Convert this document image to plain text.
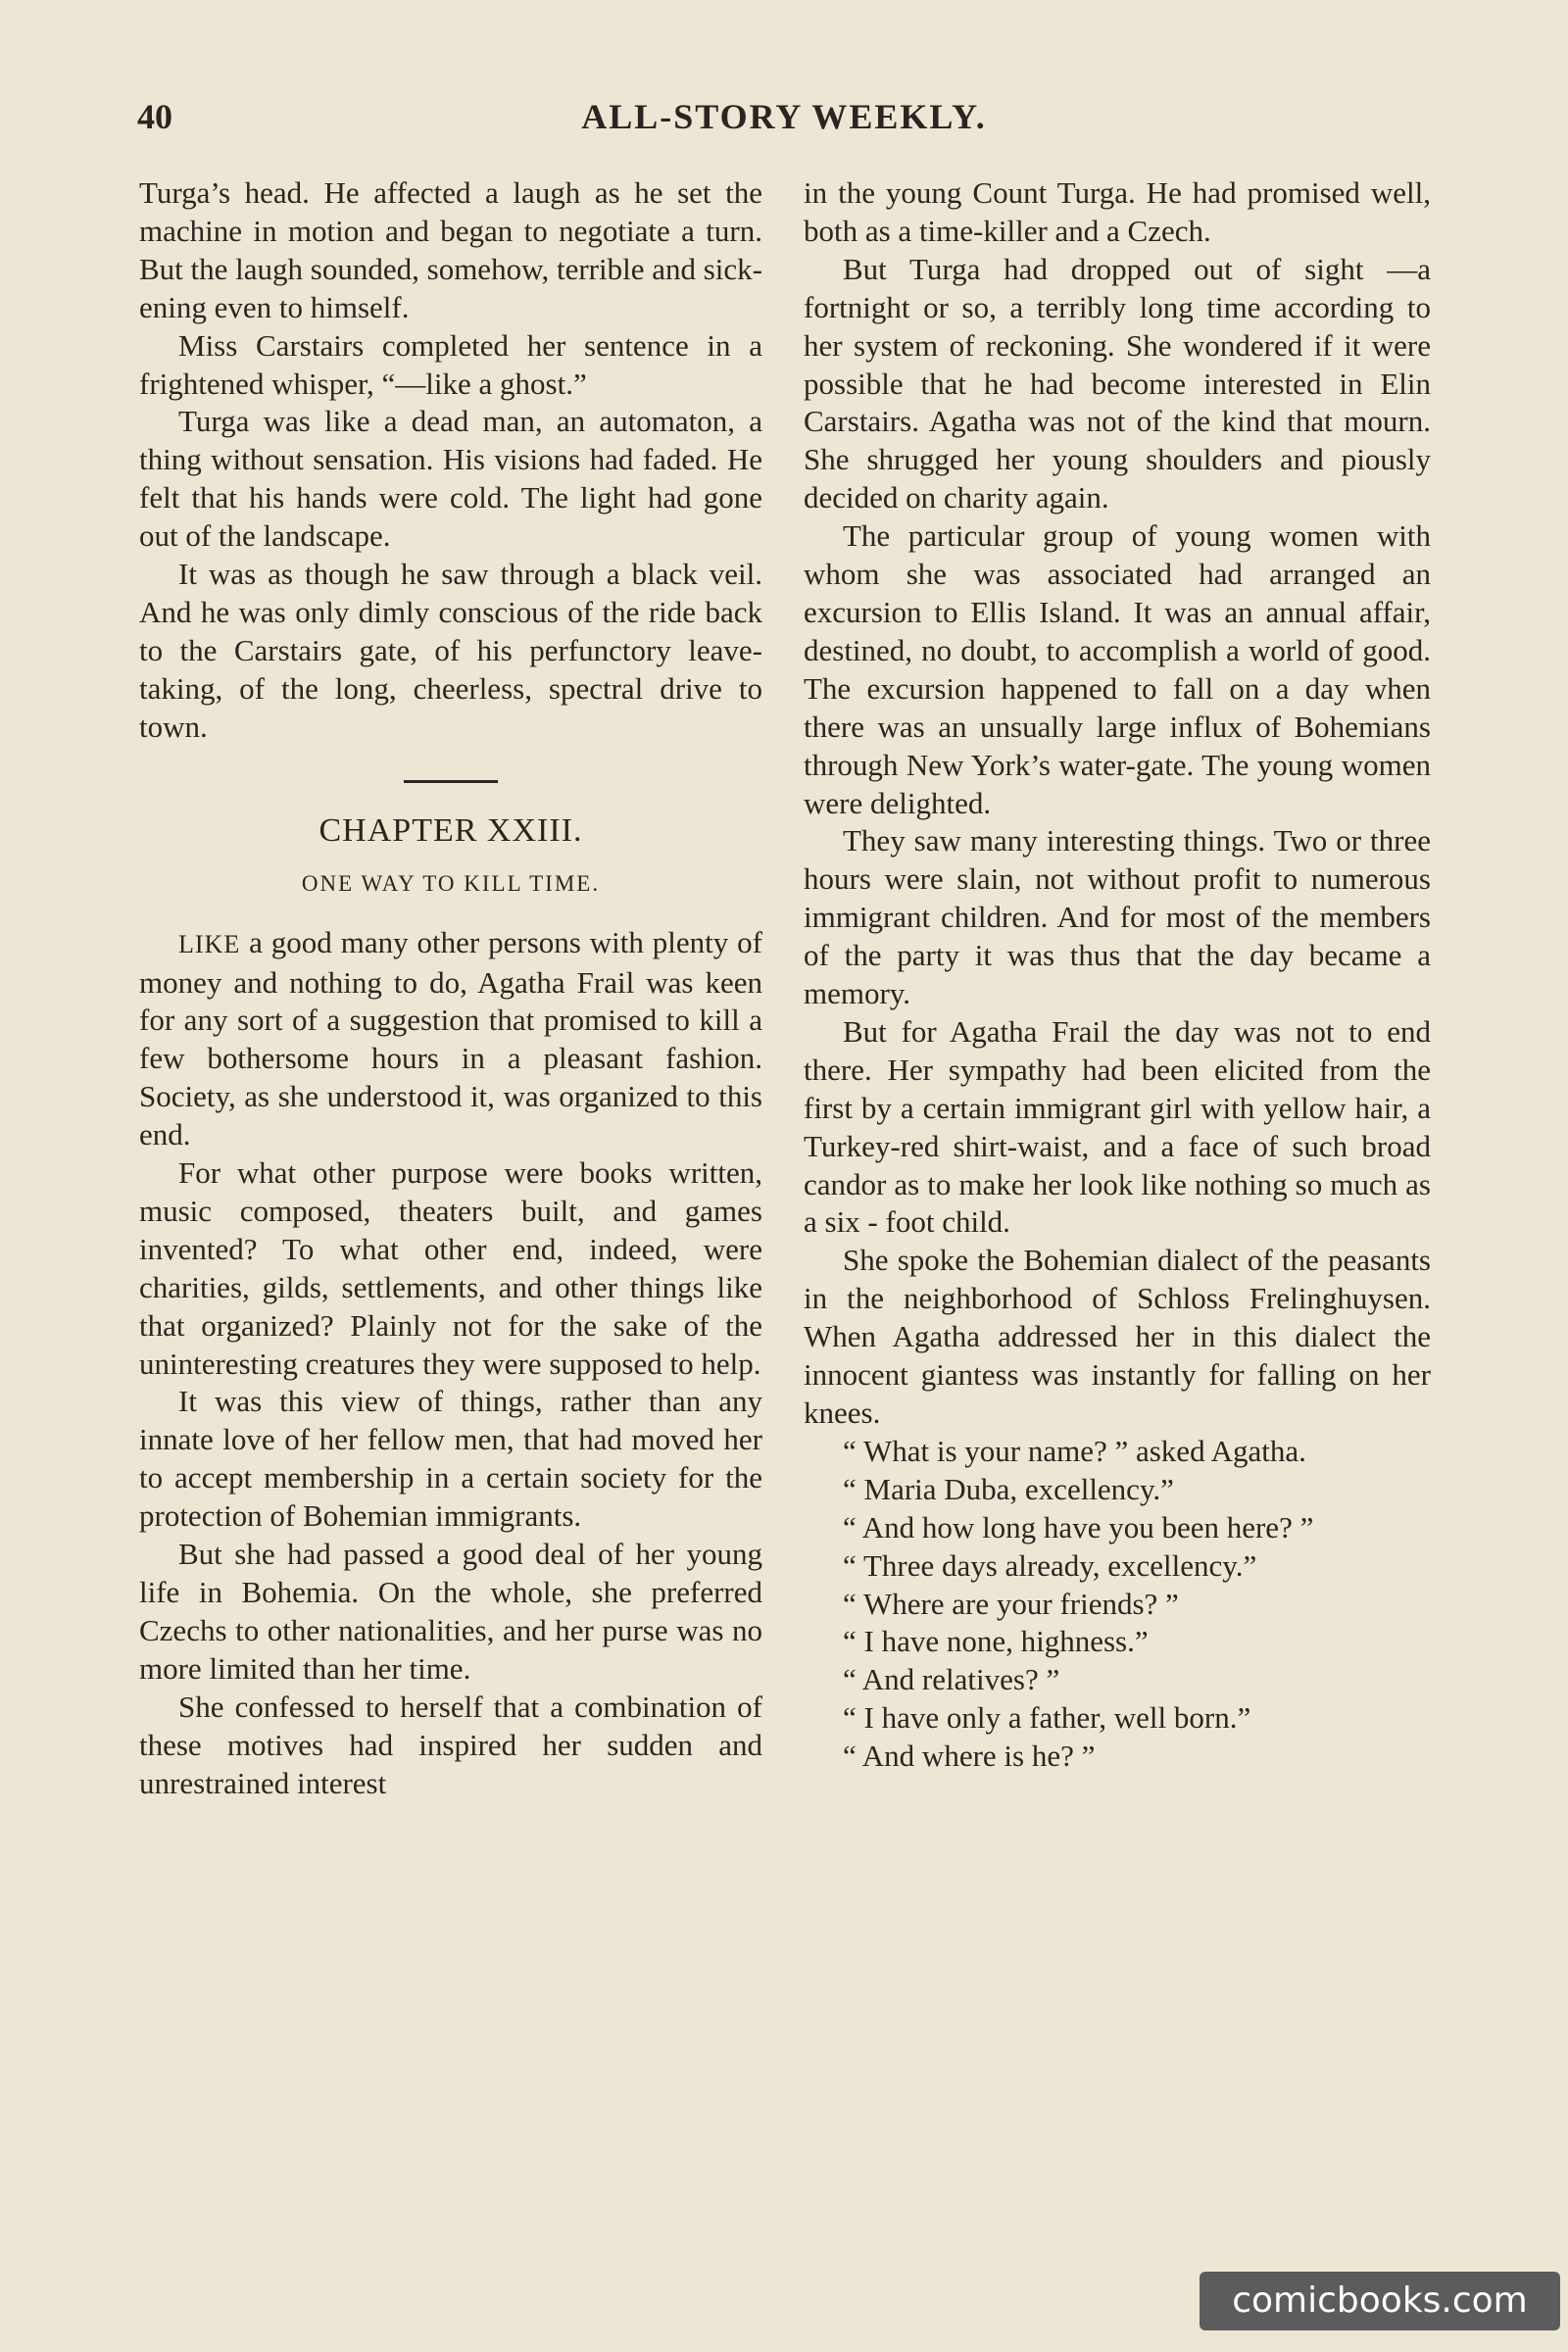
40	ALL-STORY WEEKLY.

Turga’s head. He affected a laugh as he set the machine in motion and began to negotiate a turn. But the laugh sounded, somehow, terrible and sickening even to himself.

Miss Carstairs completed her sentence in a frightened whisper, “—like a ghost.”

Turga was like a dead man, an automaton, a thing without sensation. His visions had faded. He felt that his hands were cold. The light had gone out of the landscape.

It was as though he saw through a black veil. And he was only dimly conscious of the ride back to the Carstairs gate, of his perfunctory leavetaking, of the long, cheerless, spectral drive to town.

CHAPTER XXIII.
ONE WAY TO KILL TIME.

LIKE a good many other persons with plenty of money and nothing to do, Agatha Frail was keen for any sort of a suggestion that promised to kill a few bothersome hours in a pleasant fashion. Society, as she understood it, was organized to this end.

For what other purpose were books written, music composed, theaters built, and games invented? To what other end, indeed, were charities, gilds, settlements, and other things like that organized? Plainly not for the sake of the uninteresting creatures they were supposed to help.

It was this view of things, rather than any innate love of her fellow men, that had moved her to accept membership in a certain society for the protection of Bohemian immigrants.

But she had passed a good deal of her young life in Bohemia. On the whole, she preferred Czechs to other nationalities, and her purse was no more limited than her time.

She confessed to herself that a combination of these motives had inspired her sudden and unrestrained interest

in the young Count Turga. He had promised well, both as a time-killer and a Czech.

But Turga had dropped out of sight —a fortnight or so, a terribly long time according to her system of reckoning. She wondered if it were possible that he had become interested in Elin Carstairs. Agatha was not of the kind that mourn. She shrugged her young shoulders and piously decided on charity again.

The particular group of young women with whom she was associated had arranged an excursion to Ellis Island. It was an annual affair, destined, no doubt, to accomplish a world of good. The excursion happened to fall on a day when there was an unsually large influx of Bohemians through New York’s water-gate. The young women were delighted.

They saw many interesting things. Two or three hours were slain, not without profit to numerous immigrant children. And for most of the members of the party it was thus that the day became a memory.

But for Agatha Frail the day was not to end there. Her sympathy had been elicited from the first by a certain immigrant girl with yellow hair, a Turkey-red shirt-waist, and a face of such broad candor as to make her look like nothing so much as a six - foot child.

She spoke the Bohemian dialect of the peasants in the neighborhood of Schloss Frelinghuysen. When Agatha addressed her in this dialect the innocent giantess was instantly for falling on her knees.

“ What is your name? ” asked Agatha.

“ Maria Duba, excellency.”

“ And how long have you been here? ”

“ Three days already, excellency.”

“ Where are your friends? ”

“ I have none, highness.”

“ And relatives? ”

“ I have only a father, well born.”

“ And where is he? ”

comicbooks.com
